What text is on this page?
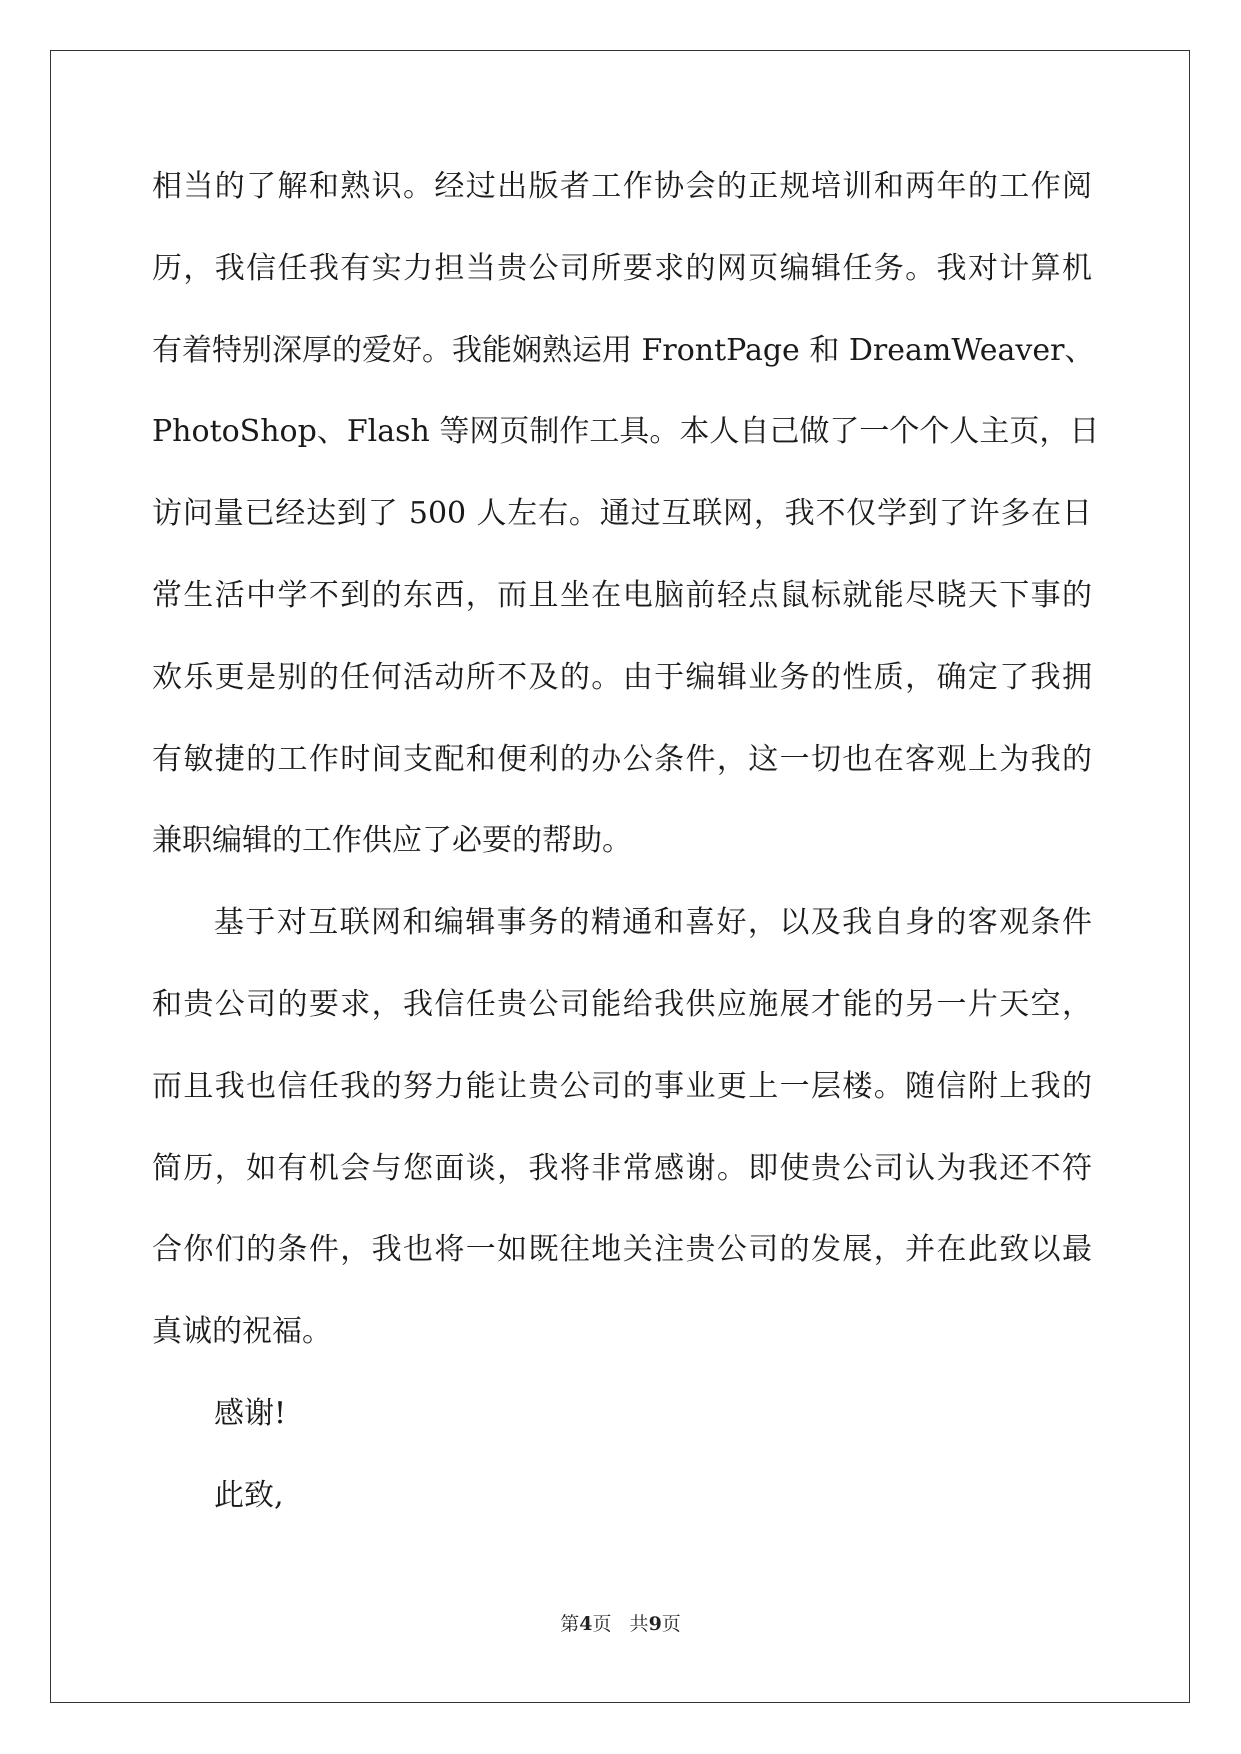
相当的了解和熟识。经过出版者工作协会的正规培训和两年的工作阅
历，我信任我有实力担当贵公司所要求的网页编辑任务。我对计算机
有着特别深厚的爱好。我能娴熟运用 FrontPage 和 DreamWeaver、
PhotoShop、Flash 等网页制作工具。本人自己做了一个个人主页，日
访问量已经达到了 500 人左右。通过互联网，我不仅学到了许多在日
常生活中学不到的东西，而且坐在电脑前轻点鼠标就能尽晓天下事的
欢乐更是别的任何活动所不及的。由于编辑业务的性质，确定了我拥
有敏捷的工作时间支配和便利的办公条件，这一切也在客观上为我的
兼职编辑的工作供应了必要的帮助。
基于对互联网和编辑事务的精通和喜好，以及我自身的客观条件
和贵公司的要求，我信任贵公司能给我供应施展才能的另一片天空，
而且我也信任我的努力能让贵公司的事业更上一层楼。随信附上我的
简历，如有机会与您面谈，我将非常感谢。即使贵公司认为我还不符
合你们的条件，我也将一如既往地关注贵公司的发展，并在此致以最
真诚的祝福。
感谢!
此致,
第4页   共9页
